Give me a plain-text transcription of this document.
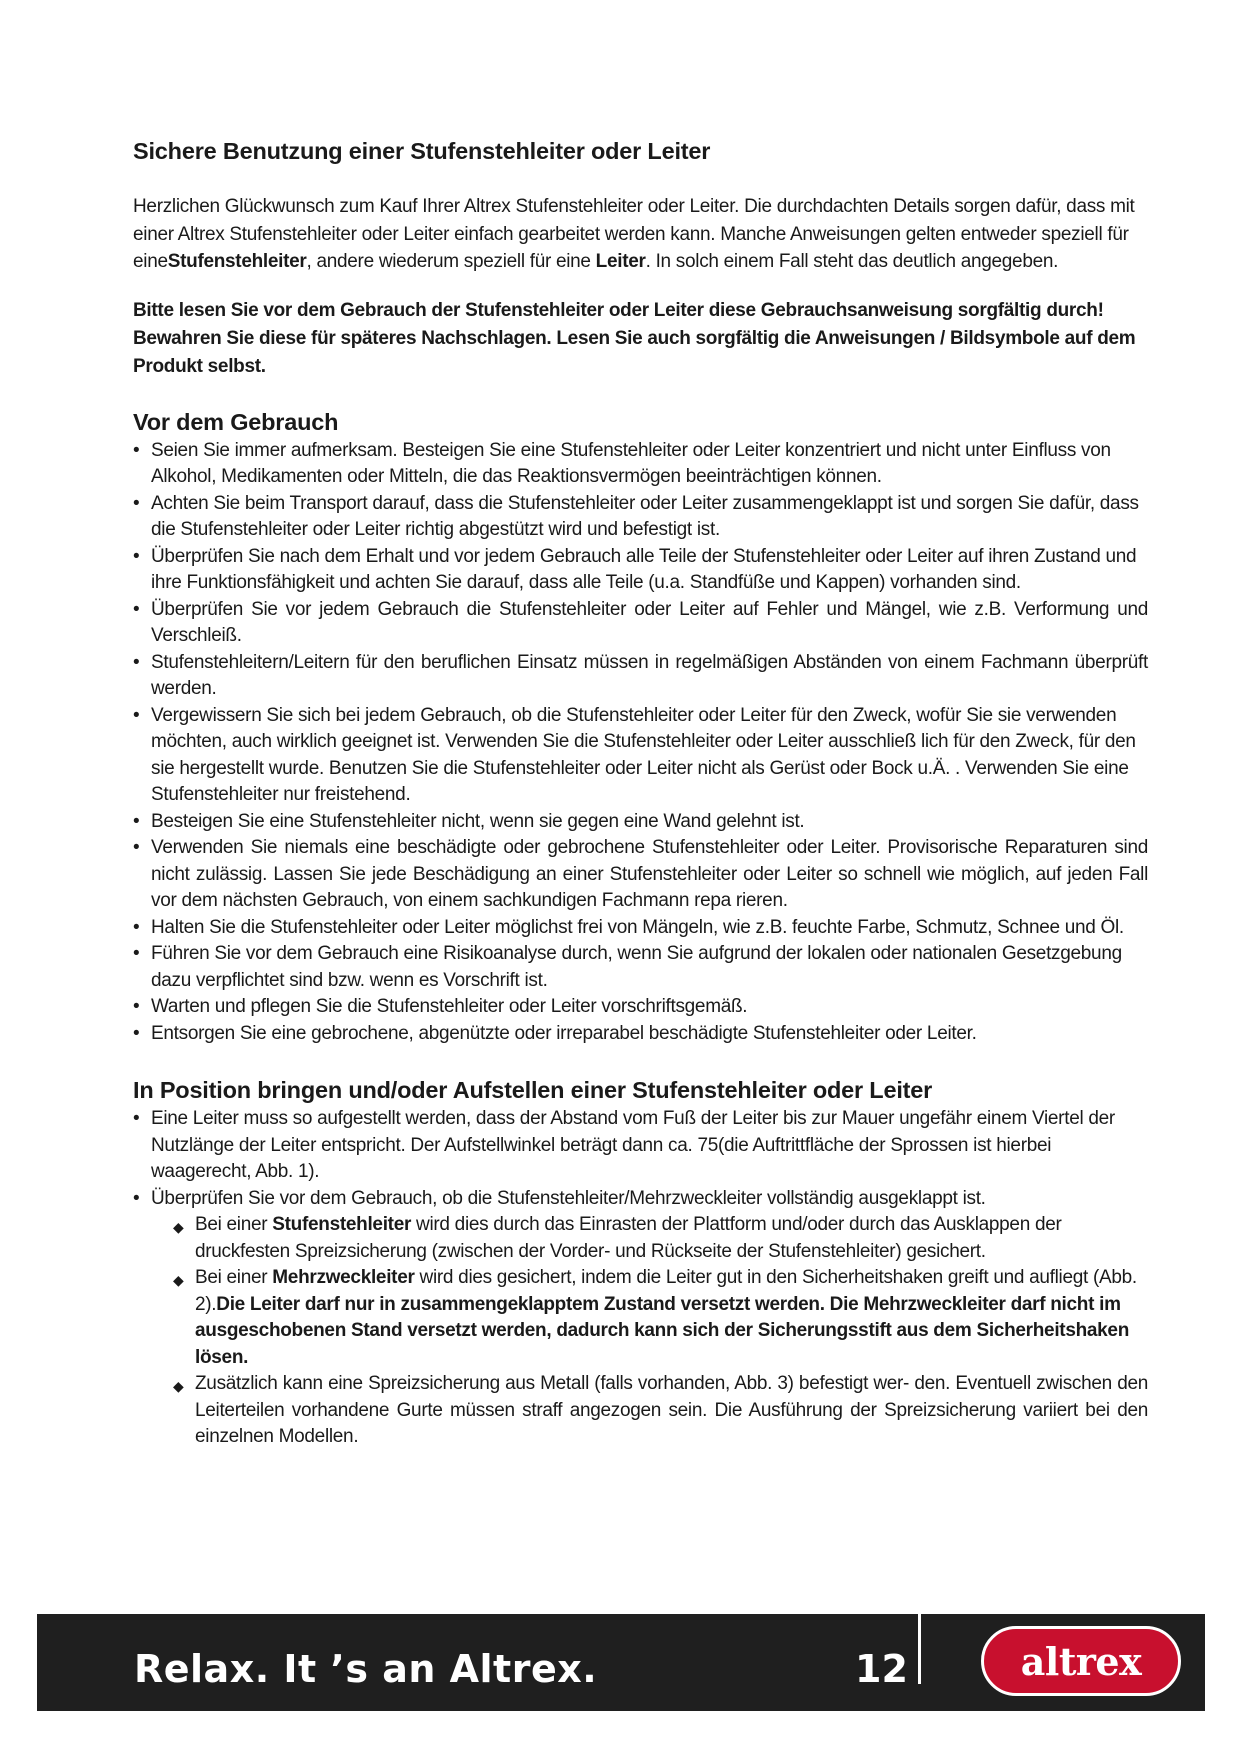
Sichere Benutzung einer Stufenstehleiter oder Leiter

Herzlichen Glückwunsch zum Kauf Ihrer Altrex Stufenstehleiter oder Leiter. Die durchdachten Details sorgen dafür, dass mit einer Altrex Stufenstehleiter oder Leiter einfach gearbeitet werden kann. Manche Anweisungen gelten entweder speziell für eineStufenstehleiter, andere wiederum speziell für eine Leiter. In solch einem Fall steht das deutlich angegeben.

Bitte lesen Sie vor dem Gebrauch der Stufenstehleiter oder Leiter diese Gebrauchsanweisung sorgfältig durch! Bewahren Sie diese für späteres Nachschlagen. Lesen Sie auch sorgfältig die Anweisungen / Bildsymbole auf dem Produkt selbst.

Vor dem Gebrauch
• Seien Sie immer aufmerksam. Besteigen Sie eine Stufenstehleiter oder Leiter konzentriert und nicht unter Einfluss von Alkohol, Medikamenten oder Mitteln, die das Reaktionsvermögen beeinträchtigen können.
• Achten Sie beim Transport darauf, dass die Stufenstehleiter oder Leiter zusammengeklappt ist und sorgen Sie dafür, dass die Stufenstehleiter oder Leiter richtig abgestützt wird und befestigt ist.
• Überprüfen Sie nach dem Erhalt und vor jedem Gebrauch alle Teile der Stufenstehleiter oder Leiter auf ihren Zustand und ihre Funktionsfähigkeit und achten Sie darauf, dass alle Teile (u.a. Standfüße und Kappen) vorhanden sind.
• Überprüfen Sie vor jedem Gebrauch die Stufenstehleiter oder Leiter auf Fehler und Mängel, wie z.B. Verformung und Verschleiß.
• Stufenstehleitern/Leitern für den beruflichen Einsatz müssen in regelmäßigen Abständen von einem Fachmann überprüft werden.
• Vergewissern Sie sich bei jedem Gebrauch, ob die Stufenstehleiter oder Leiter für den Zweck, wofür Sie sie verwenden möchten, auch wirklich geeignet ist. Verwenden Sie die Stufenstehleiter oder Leiter ausschließ lich für den Zweck, für den sie hergestellt wurde. Benutzen Sie die Stufenstehleiter oder Leiter nicht als Gerüst oder Bock u.Ä. . Verwenden Sie eine Stufenstehleiter nur freistehend.
• Besteigen Sie eine Stufenstehleiter nicht, wenn sie gegen eine Wand gelehnt ist.
• Verwenden Sie niemals eine beschädigte oder gebrochene Stufenstehleiter oder Leiter. Provisorische Reparaturen sind nicht zulässig. Lassen Sie jede Beschädigung an einer Stufenstehleiter oder Leiter so schnell wie möglich, auf jeden Fall vor dem nächsten Gebrauch, von einem sachkundigen Fachmann repa rieren.
• Halten Sie die Stufenstehleiter oder Leiter möglichst frei von Mängeln, wie z.B. feuchte Farbe, Schmutz, Schnee und Öl.
• Führen Sie vor dem Gebrauch eine Risikoanalyse durch, wenn Sie aufgrund der lokalen oder nationalen Gesetzgebung dazu verpflichtet sind bzw. wenn es Vorschrift ist.
• Warten und pflegen Sie die Stufenstehleiter oder Leiter vorschriftsgemäß.
• Entsorgen Sie eine gebrochene, abgenützte oder irreparabel beschädigte Stufenstehleiter oder Leiter.
In Position bringen und/oder Aufstellen einer Stufenstehleiter oder Leiter
• Eine Leiter muss so aufgestellt werden, dass der Abstand vom Fuß der Leiter bis zur Mauer ungefähr einem Viertel der Nutzlänge der Leiter entspricht. Der Aufstellwinkel beträgt dann ca. 75(die Auftrittfläche der Sprossen ist hierbei waagerecht, Abb. 1).
• Überprüfen Sie vor dem Gebrauch, ob die Stufenstehleiter/Mehrzweckleiter vollständig ausgeklappt ist.
◆ Bei einer Stufenstehleiter wird dies durch das Einrasten der Plattform und/oder durch das Ausklappen der druckfesten Spreizsicherung (zwischen der Vorder- und Rückseite der Stufenstehleiter) gesichert.
◆ Bei einer Mehrzweckleiter wird dies gesichert, indem die Leiter gut in den Sicherheitshaken greift und aufliegt (Abb. 2).Die Leiter darf nur in zusammengeklapptem Zustand versetzt werden. Die Mehrzweckleiter darf nicht im ausgeschobenen Stand versetzt werden, dadurch kann sich der Sicherungsstift aus dem Sicherheitshaken lösen.
◆ Zusätzlich kann eine Spreizsicherung aus Metall (falls vorhanden, Abb. 3) befestigt wer- den. Eventuell zwischen den Leiterteilen vorhandene Gurte müssen straff angezogen sein. Die Ausführung der Spreizsicherung variiert bei den einzelnen Modellen.
Relax. It ’s an Altrex.	12	altrex
